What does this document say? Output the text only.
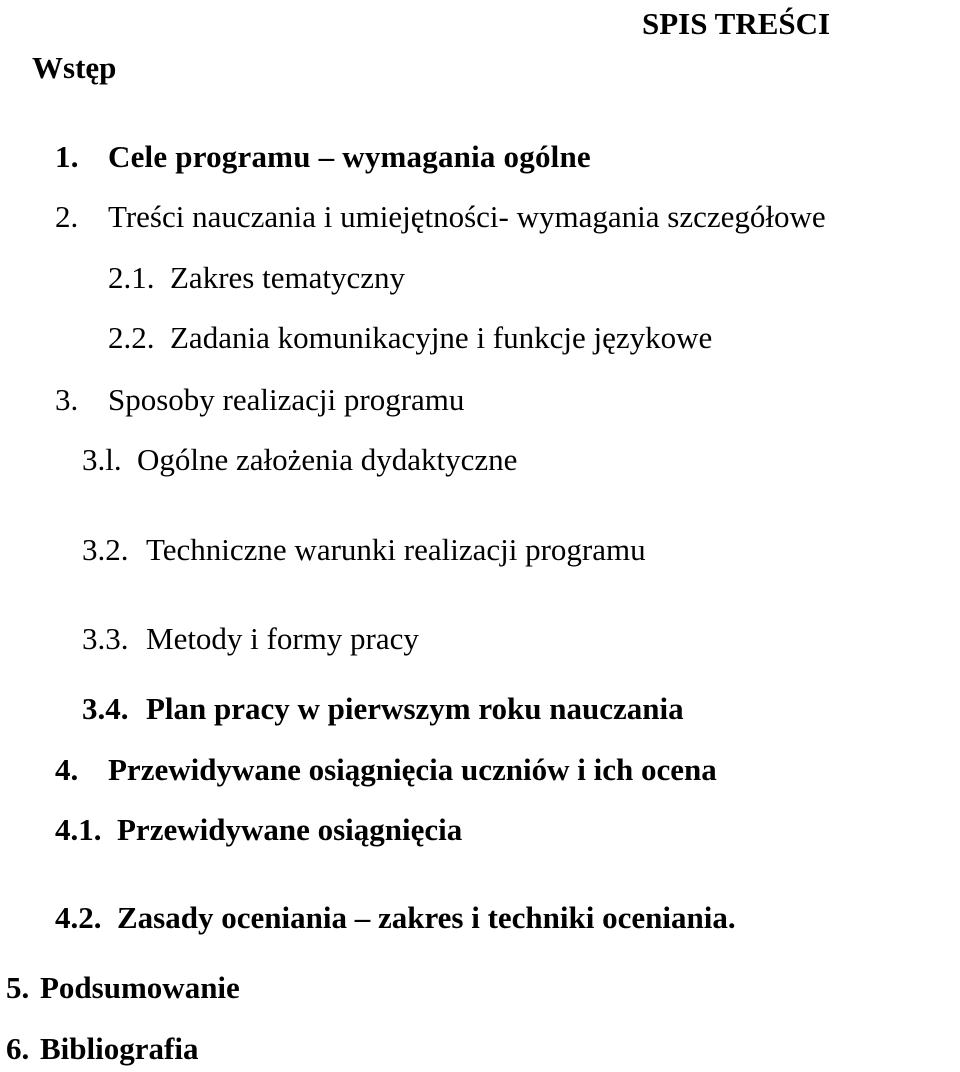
SPIS TREŚCI
Wstęp
1. Cele programu – wymagania ogólne
2. Treści nauczania i umiejętności- wymagania szczegółowe
2.1. Zakres tematyczny
2.2. Zadania komunikacyjne i funkcje językowe
3. Sposoby realizacji programu
3.l. Ogólne założenia dydaktyczne
3.2. Techniczne warunki realizacji programu
3.3. Metody i formy pracy
3.4. Plan pracy w pierwszym roku nauczania
4. Przewidywane osiągnięcia uczniów i ich ocena
4.1. Przewidywane osiągnięcia
4.2. Zasady oceniania – zakres i techniki oceniania.
5. Podsumowanie
6. Bibliografia
